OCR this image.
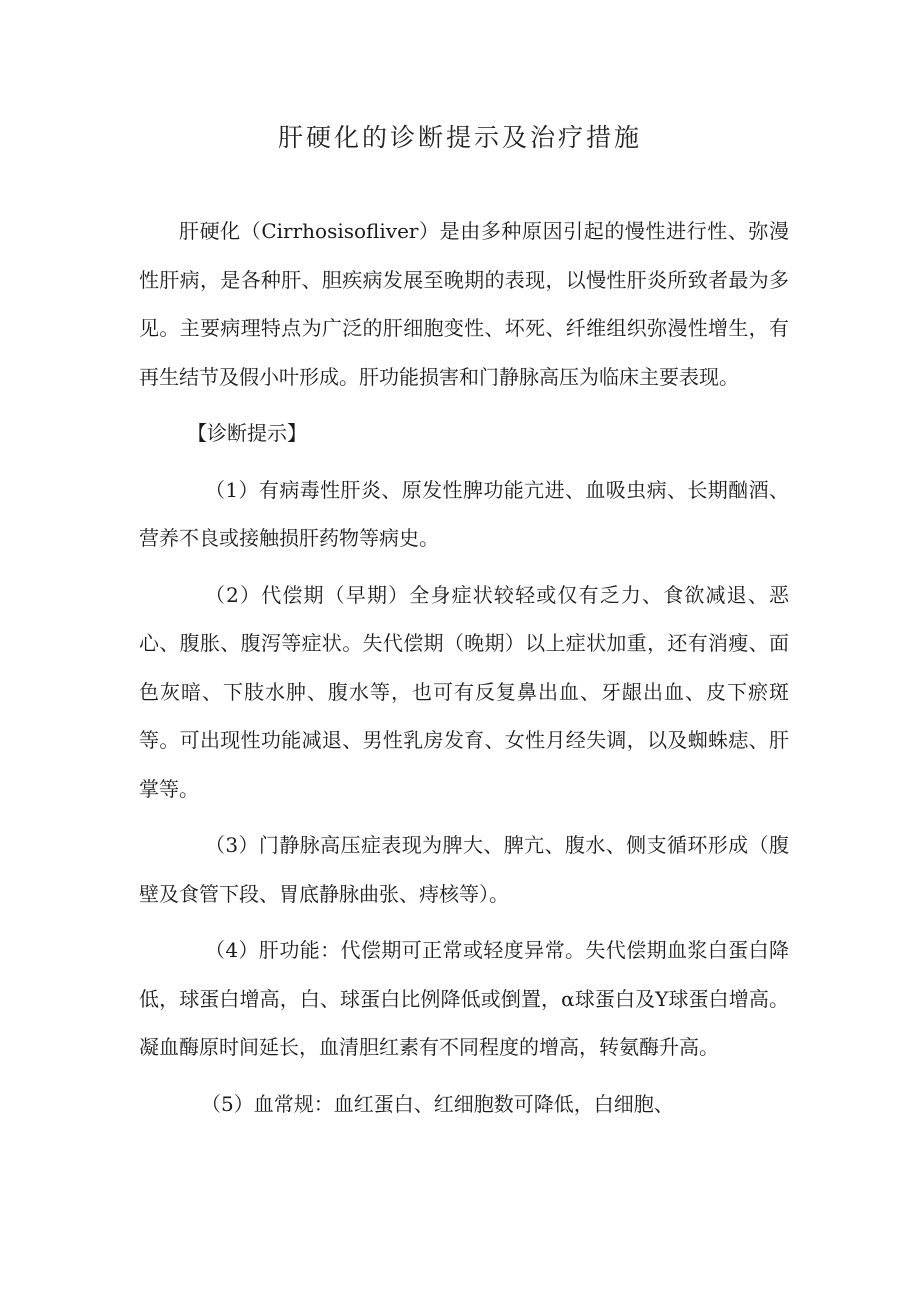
肝硬化的诊断提示及治疗措施

肝硬化（Cirrhosisofliver）是由多种原因引起的慢性进行性、弥漫性肝病，是各种肝、胆疾病发展至晚期的表现，以慢性肝炎所致者最为多见。主要病理特点为广泛的肝细胞变性、坏死、纤维组织弥漫性增生，有再生结节及假小叶形成。肝功能损害和门静脉高压为临床主要表现。

【诊断提示】

（1）有病毒性肝炎、原发性脾功能亢进、血吸虫病、长期酗酒、营养不良或接触损肝药物等病史。

（2）代偿期（早期）全身症状较轻或仅有乏力、食欲减退、恶心、腹胀、腹泻等症状。失代偿期（晚期）以上症状加重，还有消瘦、面色灰暗、下肢水肿、腹水等，也可有反复鼻出血、牙龈出血、皮下瘀斑等。可出现性功能减退、男性乳房发育、女性月经失调，以及蜘蛛痣、肝掌等。

（3）门静脉高压症表现为脾大、脾亢、腹水、侧支循环形成（腹壁及食管下段、胃底静脉曲张、痔核等）。

（4）肝功能：代偿期可正常或轻度异常。失代偿期血浆白蛋白降低，球蛋白增高，白、球蛋白比例降低或倒置，α球蛋白及Y球蛋白增高。凝血酶原时间延长，血清胆红素有不同程度的增高，转氨酶升高。

（5）血常规：血红蛋白、红细胞数可降低，白细胞、
